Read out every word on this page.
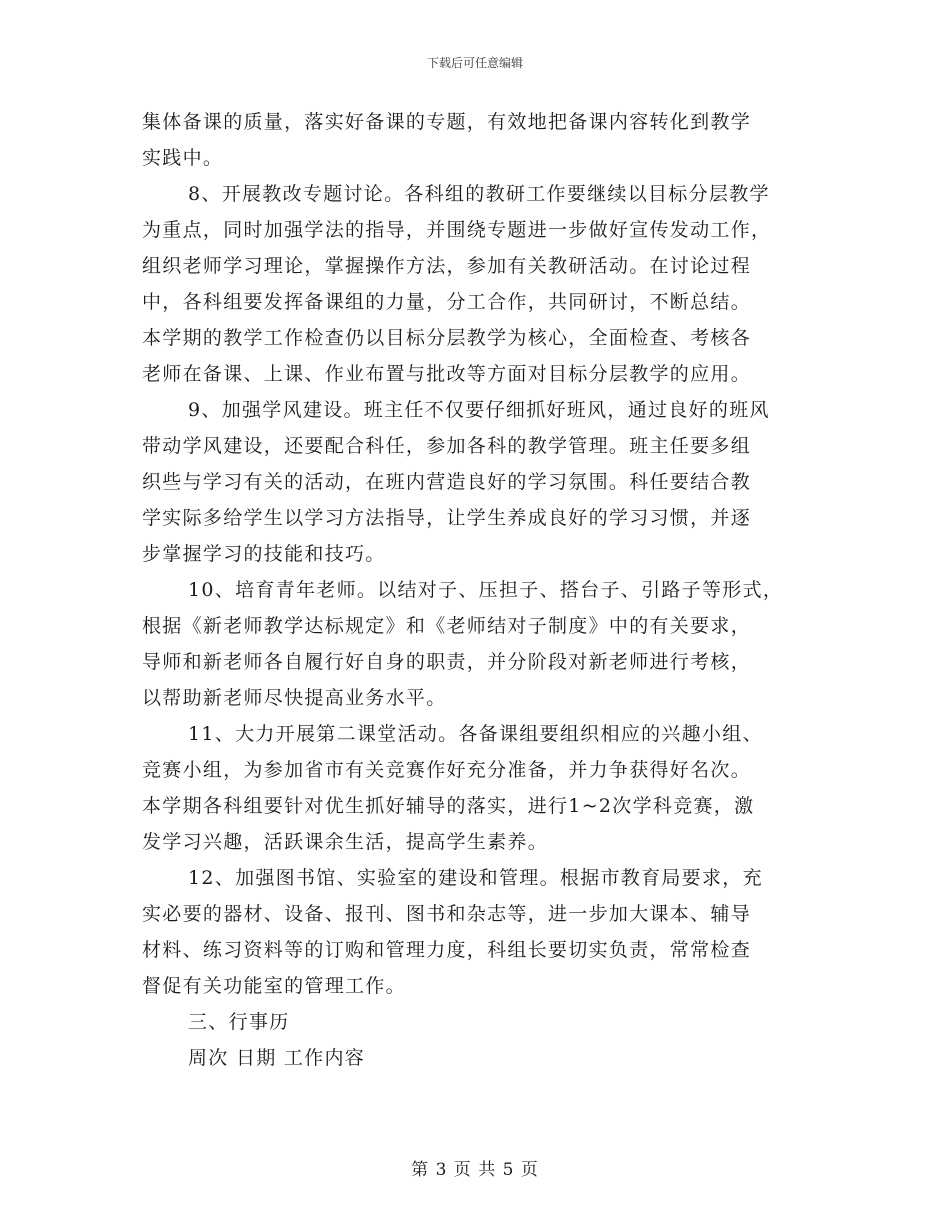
下载后可任意编辑
集体备课的质量，落实好备课的专题，有效地把备课内容转化到教学
实践中。
8、开展教改专题讨论。各科组的教研工作要继续以目标分层教学
为重点，同时加强学法的指导，并围绕专题进一步做好宣传发动工作，
组织老师学习理论，掌握操作方法，参加有关教研活动。在讨论过程
中，各科组要发挥备课组的力量，分工合作，共同研讨，不断总结。
本学期的教学工作检查仍以目标分层教学为核心，全面检查、考核各
老师在备课、上课、作业布置与批改等方面对目标分层教学的应用。
9、加强学风建设。班主任不仅要仔细抓好班风，通过良好的班风
带动学风建设，还要配合科任，参加各科的教学管理。班主任要多组
织些与学习有关的活动，在班内营造良好的学习氛围。科任要结合教
学实际多给学生以学习方法指导，让学生养成良好的学习习惯，并逐
步掌握学习的技能和技巧。
10、培育青年老师。以结对子、压担子、搭台子、引路子等形式，
根据《新老师教学达标规定》和《老师结对子制度》中的有关要求，
导师和新老师各自履行好自身的职责，并分阶段对新老师进行考核，
以帮助新老师尽快提高业务水平。
11、大力开展第二课堂活动。各备课组要组织相应的兴趣小组、
竞赛小组，为参加省市有关竞赛作好充分准备，并力争获得好名次。
本学期各科组要针对优生抓好辅导的落实，进行1~2次学科竞赛，激
发学习兴趣，活跃课余生活，提高学生素养。
12、加强图书馆、实验室的建设和管理。根据市教育局要求，充
实必要的器材、设备、报刊、图书和杂志等，进一步加大课本、辅导
材料、练习资料等的订购和管理力度，科组长要切实负责，常常检查
督促有关功能室的管理工作。
三、行事历
周次 日期 工作内容
第 3 页 共 5 页
